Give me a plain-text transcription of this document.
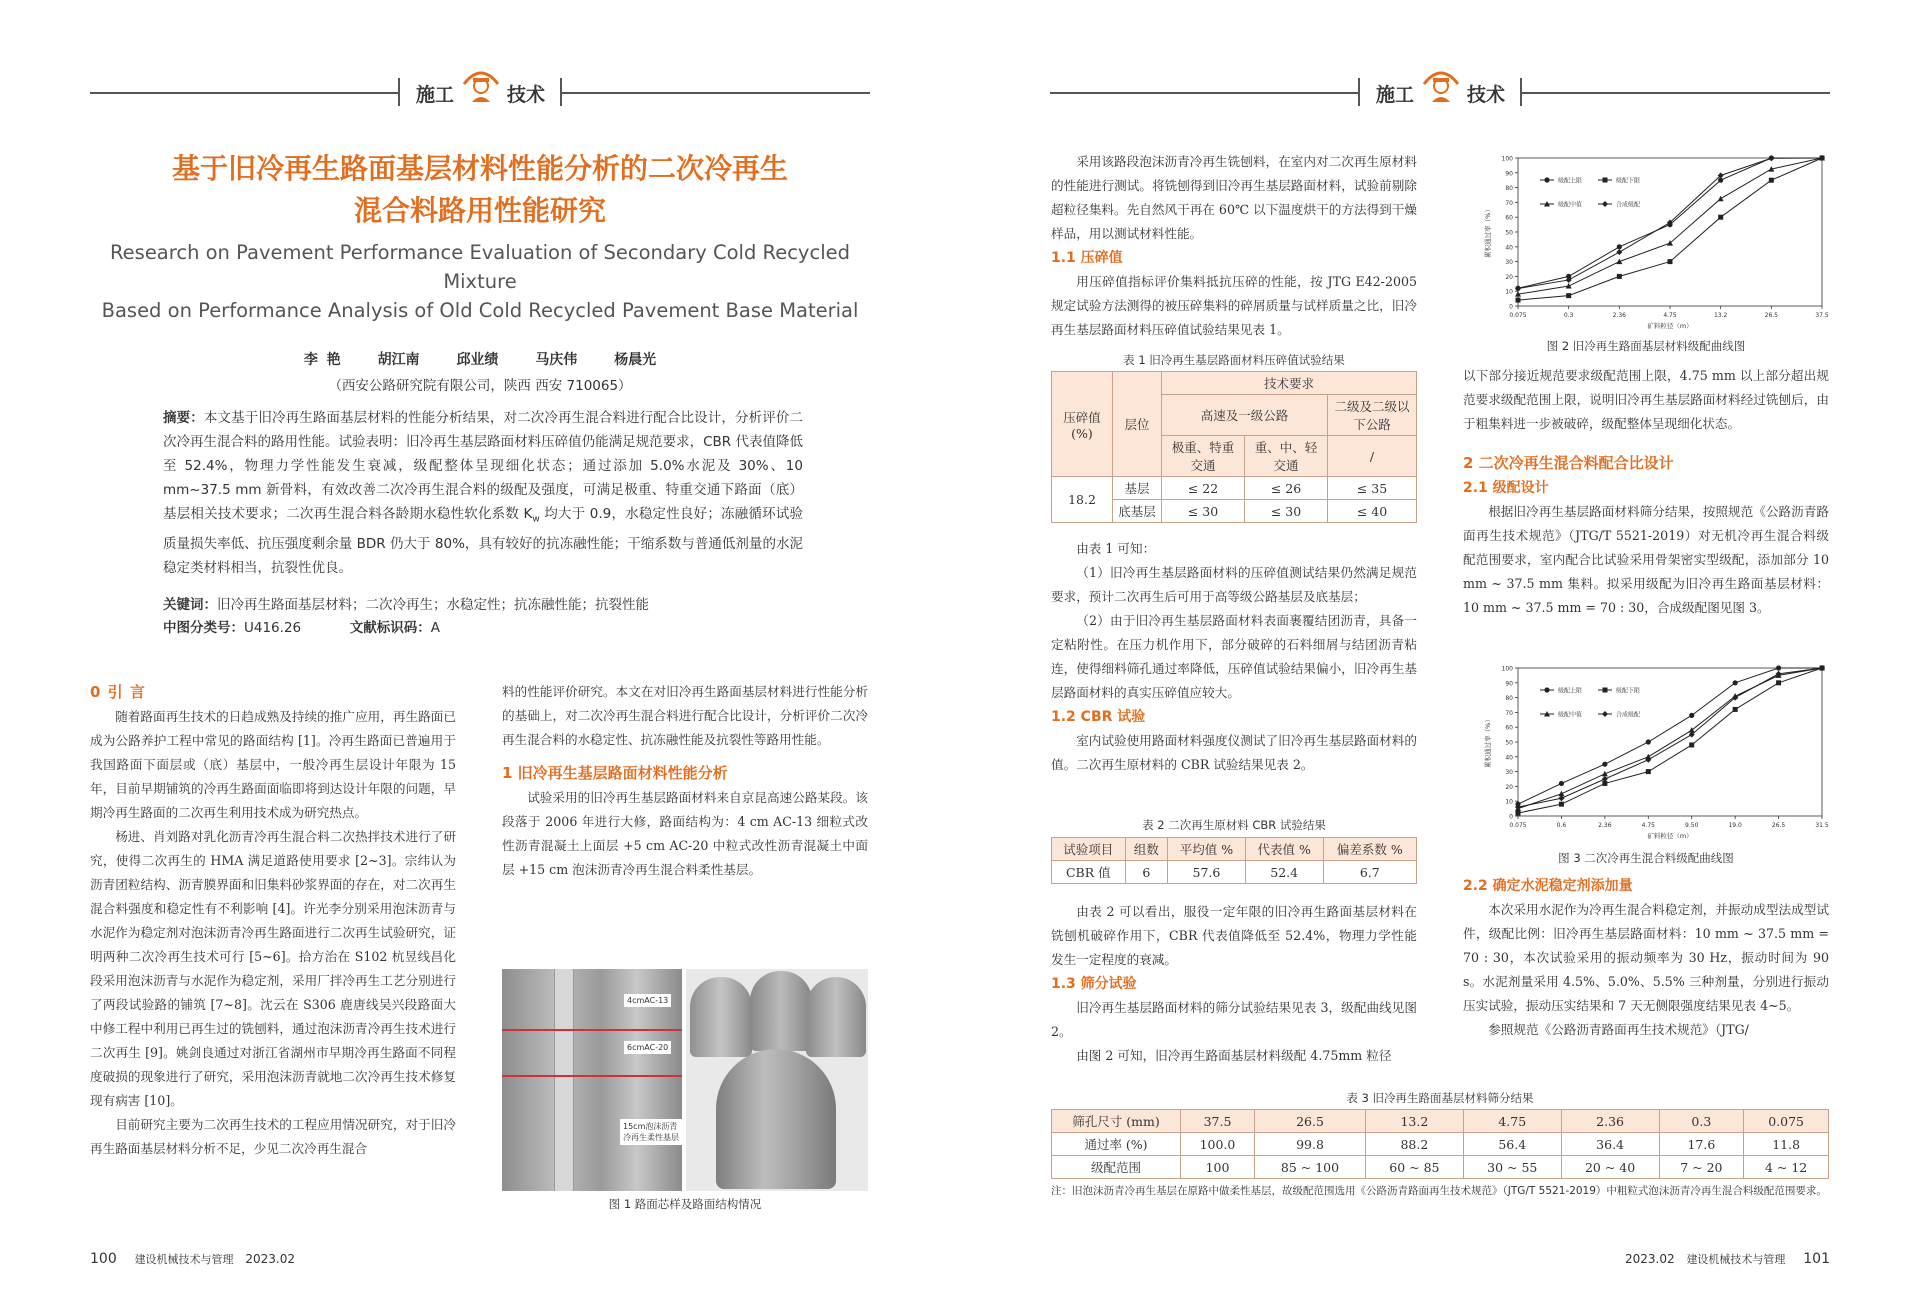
施工	技术	施工	技术
基于旧冷再生路面基层材料性能分析的二次冷再生
混合料路用性能研究
Research on Pavement Performance Evaluation of Secondary Cold Recycled Mixture
Based on Performance Analysis of Old Cold Recycled Pavement Base Material
李 艳	胡江南	邱业绩	马庆伟	杨晨光
（西安公路研究院有限公司，陕西 西安 710065）
摘要：本文基于旧冷再生路面基层材料的性能分析结果，对二次冷再生混合料进行配合比设计，分析评价二次冷再生混合料的路用性能。试验表明：旧冷再生基层路面材料压碎值仍能满足规范要求，CBR 代表值降低至 52.4%，物理力学性能发生衰减，级配整体呈现细化状态；通过添加 5.0%水泥及 30%、10 mm~37.5 mm 新骨料，有效改善二次冷再生混合料的级配及强度，可满足极重、特重交通下路面（底）基层相关技术要求；二次再生混合料各龄期水稳性软化系数 $K_w$ 均大于 0.9，水稳定性良好；冻融循环试验质量损失率低、抗压强度剩余量 BDR 仍大于 80%，具有较好的抗冻融性能；干缩系数与普通低剂量的水泥稳定类材料相当，抗裂性优良。
关键词：旧冷再生路面基层材料；二次冷再生；水稳定性；抗冻融性能；抗裂性能
中图分类号：U416.26	文献标识码：A
0 引 言

随着路面再生技术的日趋成熟及持续的推广应用，再生路面已成为公路养护工程中常见的路面结构 [1]。冷再生路面已普遍用于我国路面下面层或（底）基层中，一般冷再生层设计年限为 15 年，目前早期铺筑的冷再生路面面临即将到达设计年限的问题，早期冷再生路面的二次再生利用技术成为研究热点。

杨进、肖刘路对乳化沥青冷再生混合料二次热拌技术进行了研究，使得二次再生的 HMA 满足道路使用要求 [2~3]。宗纬认为沥青团粒结构、沥青膜界面和旧集料砂浆界面的存在，对二次再生混合料强度和稳定性有不利影响 [4]。许光李分别采用泡沫沥青与水泥作为稳定剂对泡沫沥青冷再生路面进行二次再生试验研究，证明两种二次冷再生技术可行 [5~6]。拾方治在 S102 杭昱线昌化段采用泡沫沥青与水泥作为稳定剂，采用厂拌冷再生工艺分别进行了两段试验路的铺筑 [7~8]。沈云在 S306 鹿唐线吴兴段路面大中修工程中利用已再生过的铣刨料，通过泡沫沥青冷再生技术进行二次再生 [9]。姚剑良通过对浙江省湖州市早期冷再生路面不同程度破损的现象进行了研究，采用泡沫沥青就地二次冷再生技术修复现有病害 [10]。

目前研究主要为二次再生技术的工程应用情况研究，对于旧冷再生路面基层材料分析不足，少见二次冷再生混合

料的性能评价研究。本文在对旧冷再生路面基层材料进行性能分析的基础上，对二次冷再生混合料进行配合比设计，分析评价二次冷再生混合料的水稳定性、抗冻融性能及抗裂性等路用性能。

1 旧冷再生基层路面材料性能分析

试验采用的旧冷再生基层路面材料来自京昆高速公路某段。该段落于 2006 年进行大修，路面结构为：4 cm AC-13 细粒式改性沥青混凝土上面层 +5 cm AC-20 中粒式改性沥青混凝土中面层 +15 cm 泡沫沥青冷再生混合料柔性基层。

4cmAC-13
6cmAC-20
15cm泡沫沥青
冷再生柔性基层
图 1 路面芯样及路面结构情况

采用该路段泡沫沥青冷再生铣刨料，在室内对二次再生原材料的性能进行测试。将铣刨得到旧冷再生基层路面材料，试验前剔除超粒径集料。先自然风干再在 60℃ 以下温度烘干的方法得到干燥样品，用以测试材料性能。

1.1 压碎值

用压碎值指标评价集料抵抗压碎的性能，按 JTG E42-2005 规定试验方法测得的被压碎集料的碎屑质量与试样质量之比，旧冷再生基层路面材料压碎值试验结果见表 1。

表 1 旧冷再生基层路面材料压碎值试验结果
压碎值(%)	层位	技术要求		
		高速及一级公路		二级及二级以下公路
		极重、特重交通	重、中、轻交通	/
18.2	基层	≤ 22	≤ 26	≤ 35
	底基层	≤ 30	≤ 30	≤ 40

由表 1 可知：

（1）旧冷再生基层路面材料的压碎值测试结果仍然满足规范要求，预计二次再生后可用于高等级公路基层及底基层；

（2）由于旧冷再生基层路面材料表面裹覆结团沥青，具备一定粘附性。在压力机作用下，部分破碎的石料细屑与结团沥青粘连，使得细料筛孔通过率降低，压碎值试验结果偏小，旧冷再生基层路面材料的真实压碎值应较大。

1.2 CBR 试验

室内试验使用路面材料强度仪测试了旧冷再生基层路面材料的值。二次再生原材料的 CBR 试验结果见表 2。

表 2 二次再生原材料 CBR 试验结果
试验项目	组数	平均值 %	代表值 %	偏差系数 %
CBR 值	6	57.6	52.4	6.7

由表 2 可以看出，服役一定年限的旧冷再生路面基层材料在铣刨机破碎作用下，CBR 代表值降低至 52.4%，物理力学性能发生一定程度的衰减。

1.3 筛分试验

旧冷再生基层路面材料的筛分试验结果见表 3，级配曲线见图 2。

由图 2 可知，旧冷再生路面基层材料级配 4.75mm 粒径

0
10
20
30
40
50
60
70
80
90
100
0.075	0.3	2.36	4.75	13.2	26.5	37.5
矿料粒径（m）
累积通过率（%）
级配上限	级配下限
级配中值	合成级配
图 2 旧冷再生路面基层材料级配曲线图

以下部分接近规范要求级配范围上限，4.75 mm 以上部分超出规范要求级配范围上限，说明旧冷再生基层路面材料经过铣刨后，由于粗集料进一步被破碎，级配整体呈现细化状态。

2 二次冷再生混合料配合比设计
2.1 级配设计

根据旧冷再生基层路面材料筛分结果，按照规范《公路沥青路面再生技术规范》（JTG/T 5521-2019）对无机冷再生混合料级配范围要求，室内配合比试验采用骨架密实型级配，添加部分 10 mm ~ 37.5 mm 集料。拟采用级配为旧冷再生路面基层材料：10 mm ~ 37.5 mm = 70 : 30，合成级配图见图 3。

0
10
20
30
40
50
60
70
80
90
100
0.075	0.6	2.36	4.75	9.50	19.0	26.5	31.5
矿料粒径（m）
累积通过率（%）
级配上限	级配下限
级配中值	合成级配
图 3 二次冷再生混合料级配曲线图
2.2 确定水泥稳定剂添加量

本次采用水泥作为冷再生混合料稳定剂，并振动成型法成型试件，级配比例：旧冷再生基层路面材料：10 mm ~ 37.5 mm = 70 : 30，本次试验采用的振动频率为 30 Hz，振动时间为 90 s。水泥剂量采用 4.5%、5.0%、5.5% 三种剂量，分别进行振动压实试验，振动压实结果和 7 天无侧限强度结果见表 4~5。

参照规范《公路沥青路面再生技术规范》（JTG/

表 3 旧冷再生路面基层材料筛分结果
筛孔尺寸 (mm)	37.5	26.5	13.2	4.75	2.36	0.3	0.075
通过率 (%)	100.0	99.8	88.2	56.4	36.4	17.6	11.8
级配范围	100	85 ~ 100	60 ~ 85	30 ~ 55	20 ~ 40	7 ~ 20	4 ~ 12
注：旧泡沫沥青冷再生基层在原路中做柔性基层，故级配范围选用《公路沥青路面再生技术规范》（JTG/T 5521-2019）中粗粒式泡沫沥青冷再生混合料级配范围要求。
100 建设机械技术与管理 2023.02	2023.02 建设机械技术与管理 101
